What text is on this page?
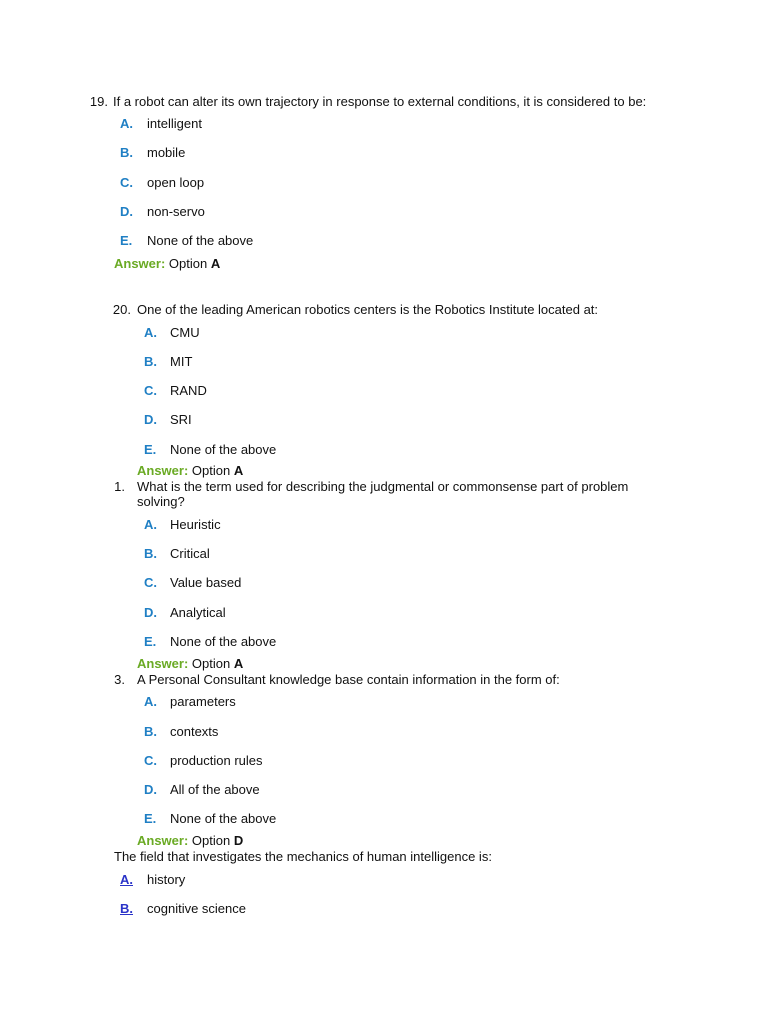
19. If a robot can alter its own trajectory in response to external conditions, it is considered to be:
A. intelligent
B. mobile
C. open loop
D. non-servo
E. None of the above
Answer: Option A
20. One of the leading American robotics centers is the Robotics Institute located at:
A. CMU
B. MIT
C. RAND
D. SRI
E. None of the above
Answer: Option A
1. What is the term used for describing the judgmental or commonsense part of problem
solving?
A. Heuristic
B. Critical
C. Value based
D. Analytical
E. None of the above
Answer: Option A
3. A Personal Consultant knowledge base contain information in the form of:
A. parameters
B. contexts
C. production rules
D. All of the above
E. None of the above
Answer: Option D
The field that investigates the mechanics of human intelligence is:
A. history
B. cognitive science
